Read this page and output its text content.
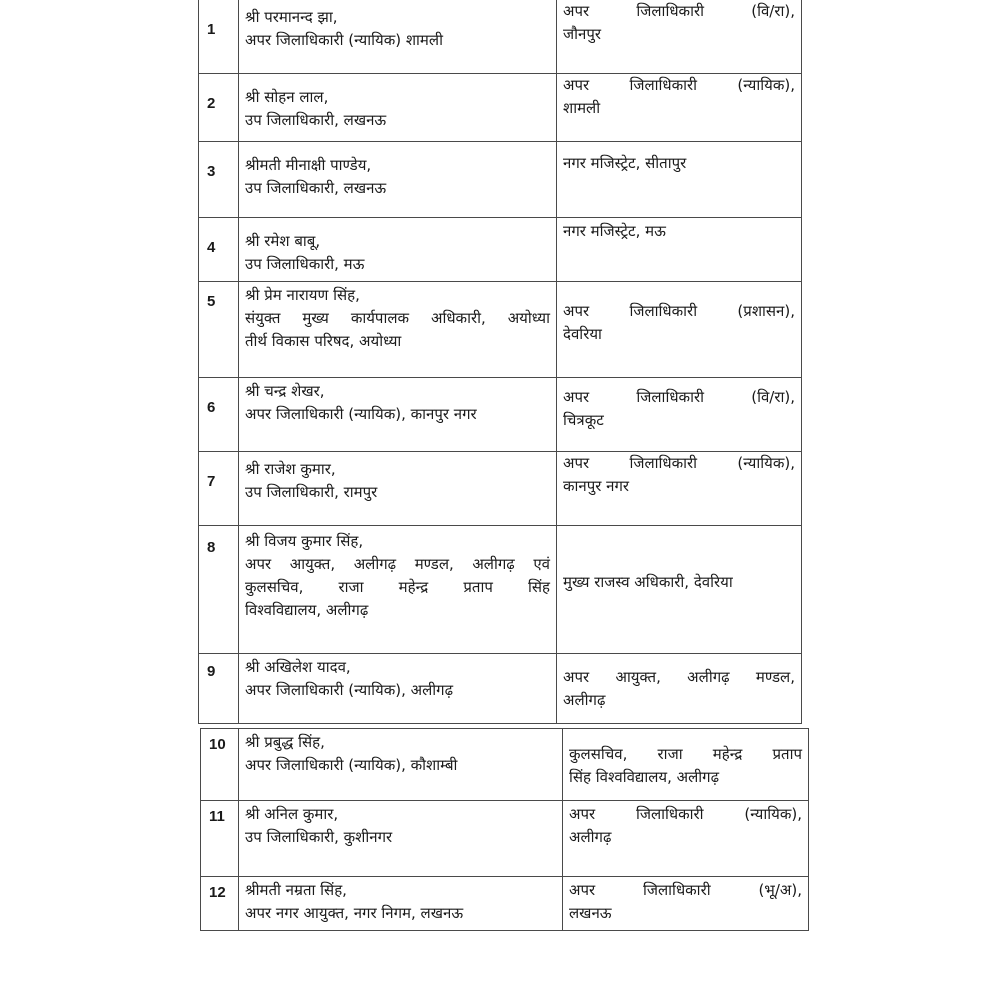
1	श्री परमानन्द झा,
अपर जिलाधिकारी (न्यायिक) शामली	अपर जिलाधिकारी (वि/रा),
जौनपुर

2	श्री सोहन लाल,
उप जिलाधिकारी, लखनऊ	अपर जिलाधिकारी (न्यायिक),
शामली

3	श्रीमती मीनाक्षी पाण्डेय,
उप जिलाधिकारी, लखनऊ	नगर मजिस्ट्रेट, सीतापुर

4	श्री रमेश बाबू,
उप जिलाधिकारी, मऊ	नगर मजिस्ट्रेट, मऊ

5	श्री प्रेम नारायण सिंह,
संयुक्त मुख्य कार्यपालक अधिकारी, अयोध्या
तीर्थ विकास परिषद, अयोध्या	अपर जिलाधिकारी (प्रशासन),
देवरिया

6	श्री चन्द्र शेखर,
अपर जिलाधिकारी (न्यायिक), कानपुर नगर	अपर जिलाधिकारी (वि/रा),
चित्रकूट

7	श्री राजेश कुमार,
उप जिलाधिकारी, रामपुर	अपर जिलाधिकारी (न्यायिक),
कानपुर नगर

8	श्री विजय कुमार सिंह,
अपर आयुक्त, अलीगढ़ मण्डल, अलीगढ़ एवं
कुलसचिव, राजा महेन्द्र प्रताप सिंह
विश्वविद्यालय, अलीगढ़	मुख्य राजस्व अधिकारी, देवरिया

9	श्री अखिलेश यादव,
अपर जिलाधिकारी (न्यायिक), अलीगढ़	अपर आयुक्त, अलीगढ़ मण्डल,
अलीगढ़
10	श्री प्रबुद्ध सिंह,
अपर जिलाधिकारी (न्यायिक), कौशाम्बी	कुलसचिव, राजा महेन्द्र प्रताप
सिंह विश्वविद्यालय, अलीगढ़

11	श्री अनिल कुमार,
उप जिलाधिकारी, कुशीनगर	अपर जिलाधिकारी (न्यायिक),
अलीगढ़

12	श्रीमती नम्रता सिंह,
अपर नगर आयुक्त, नगर निगम, लखनऊ	अपर जिलाधिकारी (भू/अ),
लखनऊ
